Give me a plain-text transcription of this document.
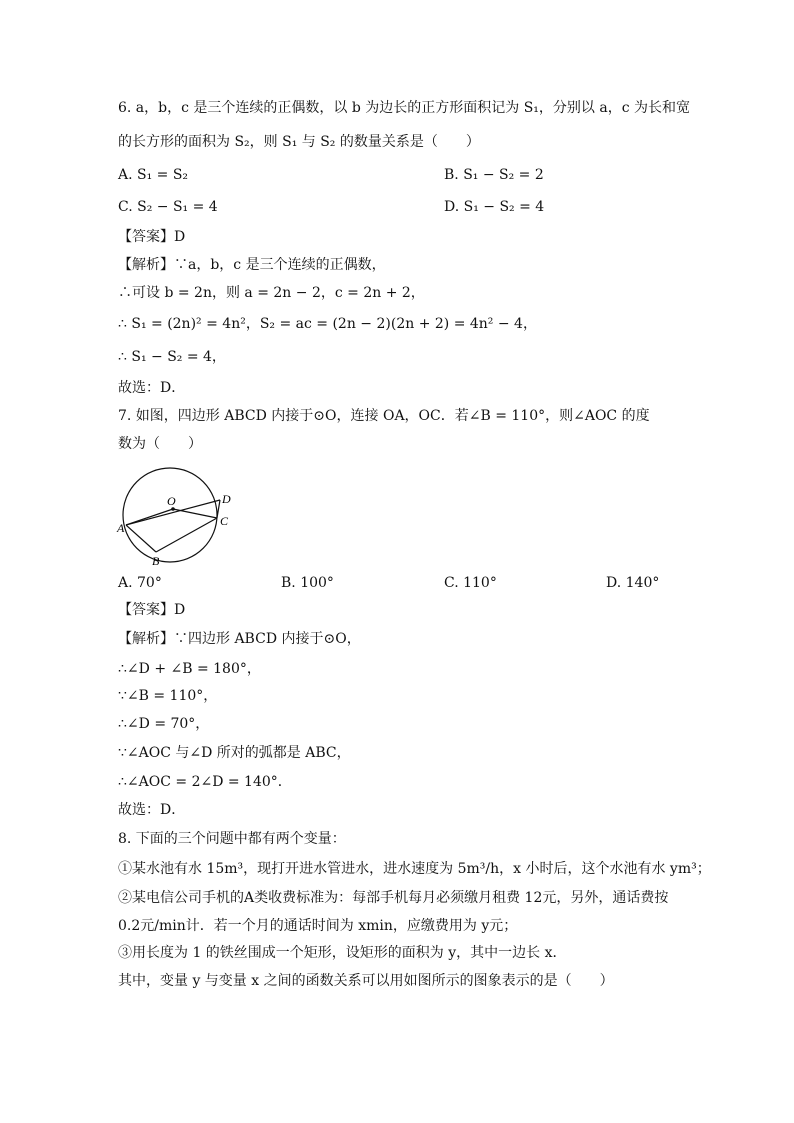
6. a，b，c 是三个连续的正偶数，以 b 为边长的正方形面积记为 S₁，分别以 a，c 为长和宽
的长方形的面积为 S₂，则 S₁ 与 S₂ 的数量关系是（　　）
A. S₁ = S₂	B. S₁ − S₂ = 2
C. S₂ − S₁ = 4	D. S₁ − S₂ = 4
【答案】D
【解析】∵a，b，c 是三个连续的正偶数，
∴可设 b = 2n，则 a = 2n − 2，c = 2n + 2，
∴ S₁ = (2n)² = 4n²，S₂ = ac = (2n − 2)(2n + 2) = 4n² − 4，
∴ S₁ − S₂ = 4，
故选：D．
7. 如图，四边形 ABCD 内接于⊙O，连接 OA，OC．若∠B = 110°，则∠AOC 的度
数为（　　）
O	D
A	C
B
A. 70°	B. 100°	C. 110°	D. 140°
【答案】D
【解析】∵四边形 ABCD 内接于⊙O，
∴∠D + ∠B = 180°，
∵∠B = 110°，
∴∠D = 70°，
∵∠AOC 与∠D 所对的弧都是 ABC，
∴∠AOC = 2∠D = 140°．
故选：D．
8. 下面的三个问题中都有两个变量：
①某水池有水 15m³，现打开进水管进水，进水速度为 5m³/h，x 小时后，这个水池有水 ym³；
②某电信公司手机的A类收费标准为：每部手机每月必须缴月租费 12元，另外，通话费按
0.2元/min计．若一个月的通话时间为 xmin，应缴费用为 y元；
③用长度为 1 的铁丝围成一个矩形，设矩形的面积为 y，其中一边长 x．
其中，变量 y 与变量 x 之间的函数关系可以用如图所示的图象表示的是（　　）
